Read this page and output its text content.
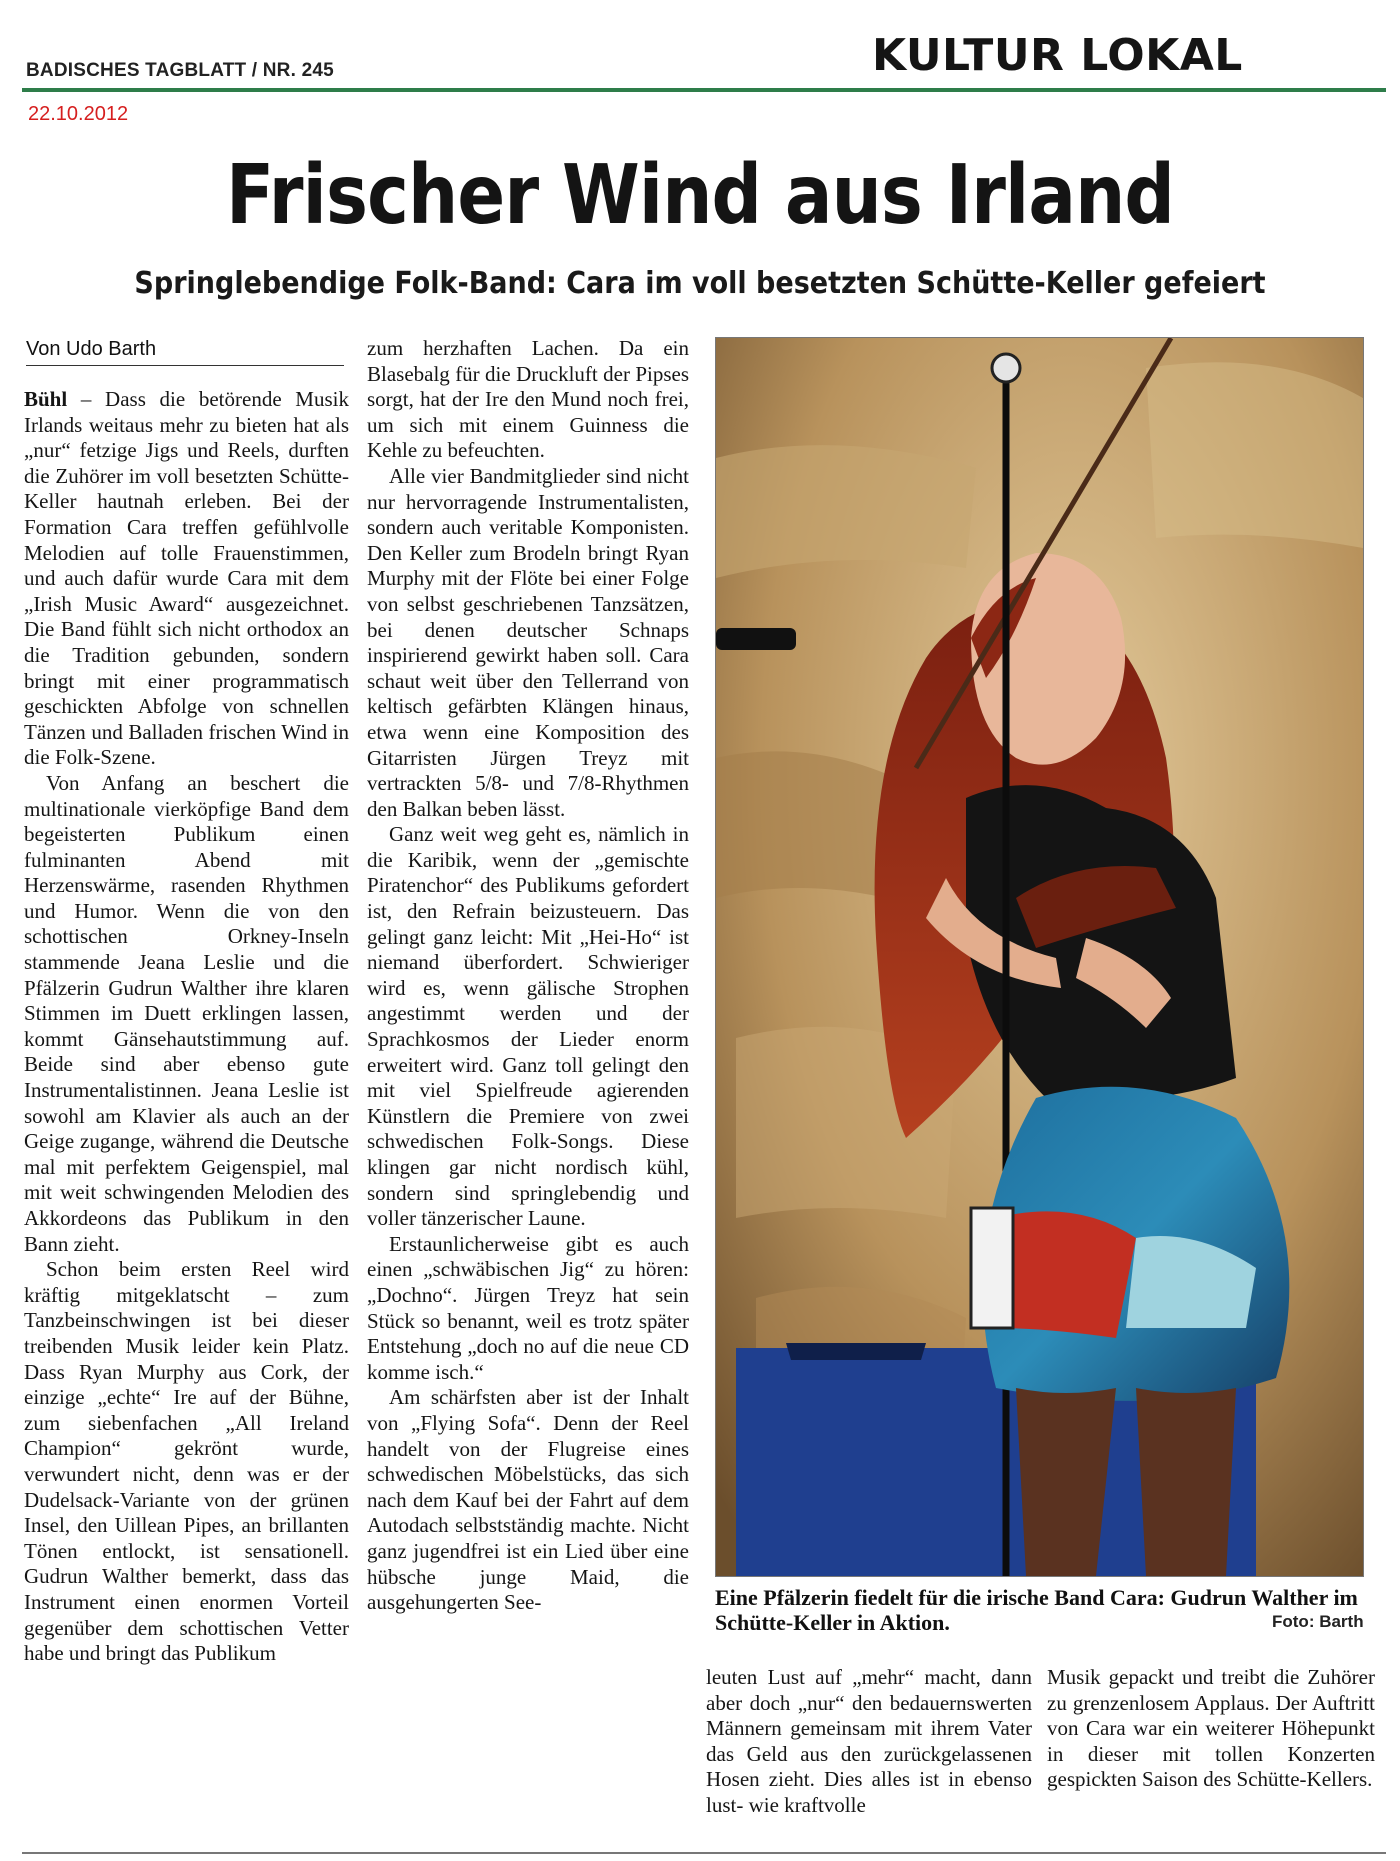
BADISCHES TAGBLATT / NR. 245	KULTUR LOKAL
22.10.2012
Frischer Wind aus Irland
Springlebendige Folk-Band: Cara im voll besetzten Schütte-Keller gefeiert
Von Udo Barth

Bühl – Dass die betörende Musik Irlands weitaus mehr zu bieten hat als „nur“ fetzige Jigs und Reels, durften die Zuhörer im voll besetzten Schütte-Keller hautnah erleben. Bei der Formation Cara treffen gefühlvolle Melodien auf tolle Frauenstimmen, und auch dafür wurde Cara mit dem „Irish Music Award“ ausgezeichnet. Die Band fühlt sich nicht orthodox an die Tradition gebunden, sondern bringt mit einer programmatisch geschickten Abfolge von schnellen Tänzen und Balladen frischen Wind in die Folk-Szene.

Von Anfang an beschert die multinationale vierköpfige Band dem begeisterten Publikum einen fulminanten Abend mit Herzenswärme, rasenden Rhythmen und Humor. Wenn die von den schottischen Orkney-Inseln stammende Jeana Leslie und die Pfälzerin Gudrun Walther ihre klaren Stimmen im Duett erklingen lassen, kommt Gänsehautstimmung auf. Beide sind aber ebenso gute Instrumentalistinnen. Jeana Leslie ist sowohl am Klavier als auch an der Geige zugange, während die Deutsche mal mit perfektem Geigenspiel, mal mit weit schwingenden Melodien des Akkordeons das Publikum in den Bann zieht.

Schon beim ersten Reel wird kräftig mitgeklatscht – zum Tanzbeinschwingen ist bei dieser treibenden Musik leider kein Platz. Dass Ryan Murphy aus Cork, der einzige „echte“ Ire auf der Bühne, zum siebenfachen „All Ireland Champion“ gekrönt wurde, verwundert nicht, denn was er der Dudelsack-Variante von der grünen Insel, den Uillean Pipes, an brillanten Tönen entlockt, ist sensationell. Gudrun Walther bemerkt, dass das Instrument einen enormen Vorteil gegenüber dem schottischen Vetter habe und bringt das Publikum

zum herzhaften Lachen. Da ein Blasebalg für die Druckluft der Pipses sorgt, hat der Ire den Mund noch frei, um sich mit einem Guinness die Kehle zu befeuchten.

Alle vier Bandmitglieder sind nicht nur hervorragende Instrumentalisten, sondern auch veritable Komponisten. Den Keller zum Brodeln bringt Ryan Murphy mit der Flöte bei einer Folge von selbst geschriebenen Tanzsätzen, bei denen deutscher Schnaps inspirierend gewirkt haben soll. Cara schaut weit über den Tellerrand von keltisch gefärbten Klängen hinaus, etwa wenn eine Komposition des Gitarristen Jürgen Treyz mit vertrackten 5/8- und 7/8-Rhythmen den Balkan beben lässt.

Ganz weit weg geht es, nämlich in die Karibik, wenn der „gemischte Piratenchor“ des Publikums gefordert ist, den Refrain beizusteuern. Das gelingt ganz leicht: Mit „Hei-Ho“ ist niemand überfordert. Schwieriger wird es, wenn gälische Strophen angestimmt werden und der Sprachkosmos der Lieder enorm erweitert wird. Ganz toll gelingt den mit viel Spielfreude agierenden Künstlern die Premiere von zwei schwedischen Folk-Songs. Diese klingen gar nicht nordisch kühl, sondern sind springlebendig und voller tänzerischer Laune.

Erstaunlicherweise gibt es auch einen „schwäbischen Jig“ zu hören: „Dochno“. Jürgen Treyz hat sein Stück so benannt, weil es trotz später Entstehung „doch no auf die neue CD komme isch.“

Am schärfsten aber ist der Inhalt von „Flying Sofa“. Denn der Reel handelt von der Flugreise eines schwedischen Möbelstücks, das sich nach dem Kauf bei der Fahrt auf dem Autodach selbstständig machte. Nicht ganz jugendfrei ist ein Lied über eine hübsche junge Maid, die ausgehungerten See-	Eine Pfälzerin fiedelt für die irische Band Cara: Gudrun Walther im Schütte-Keller in Aktion.	Foto: Barth

leuten Lust auf „mehr“ macht, dann aber doch „nur“ den bedauernswerten Männern gemeinsam mit ihrem Vater das Geld aus den zurückgelassenen Hosen zieht. Dies alles ist in ebenso lust- wie kraftvolle

Musik gepackt und treibt die Zuhörer zu grenzenlosem Applaus. Der Auftritt von Cara war ein weiterer Höhepunkt in dieser mit tollen Konzerten gespickten Saison des Schütte-Kellers.
